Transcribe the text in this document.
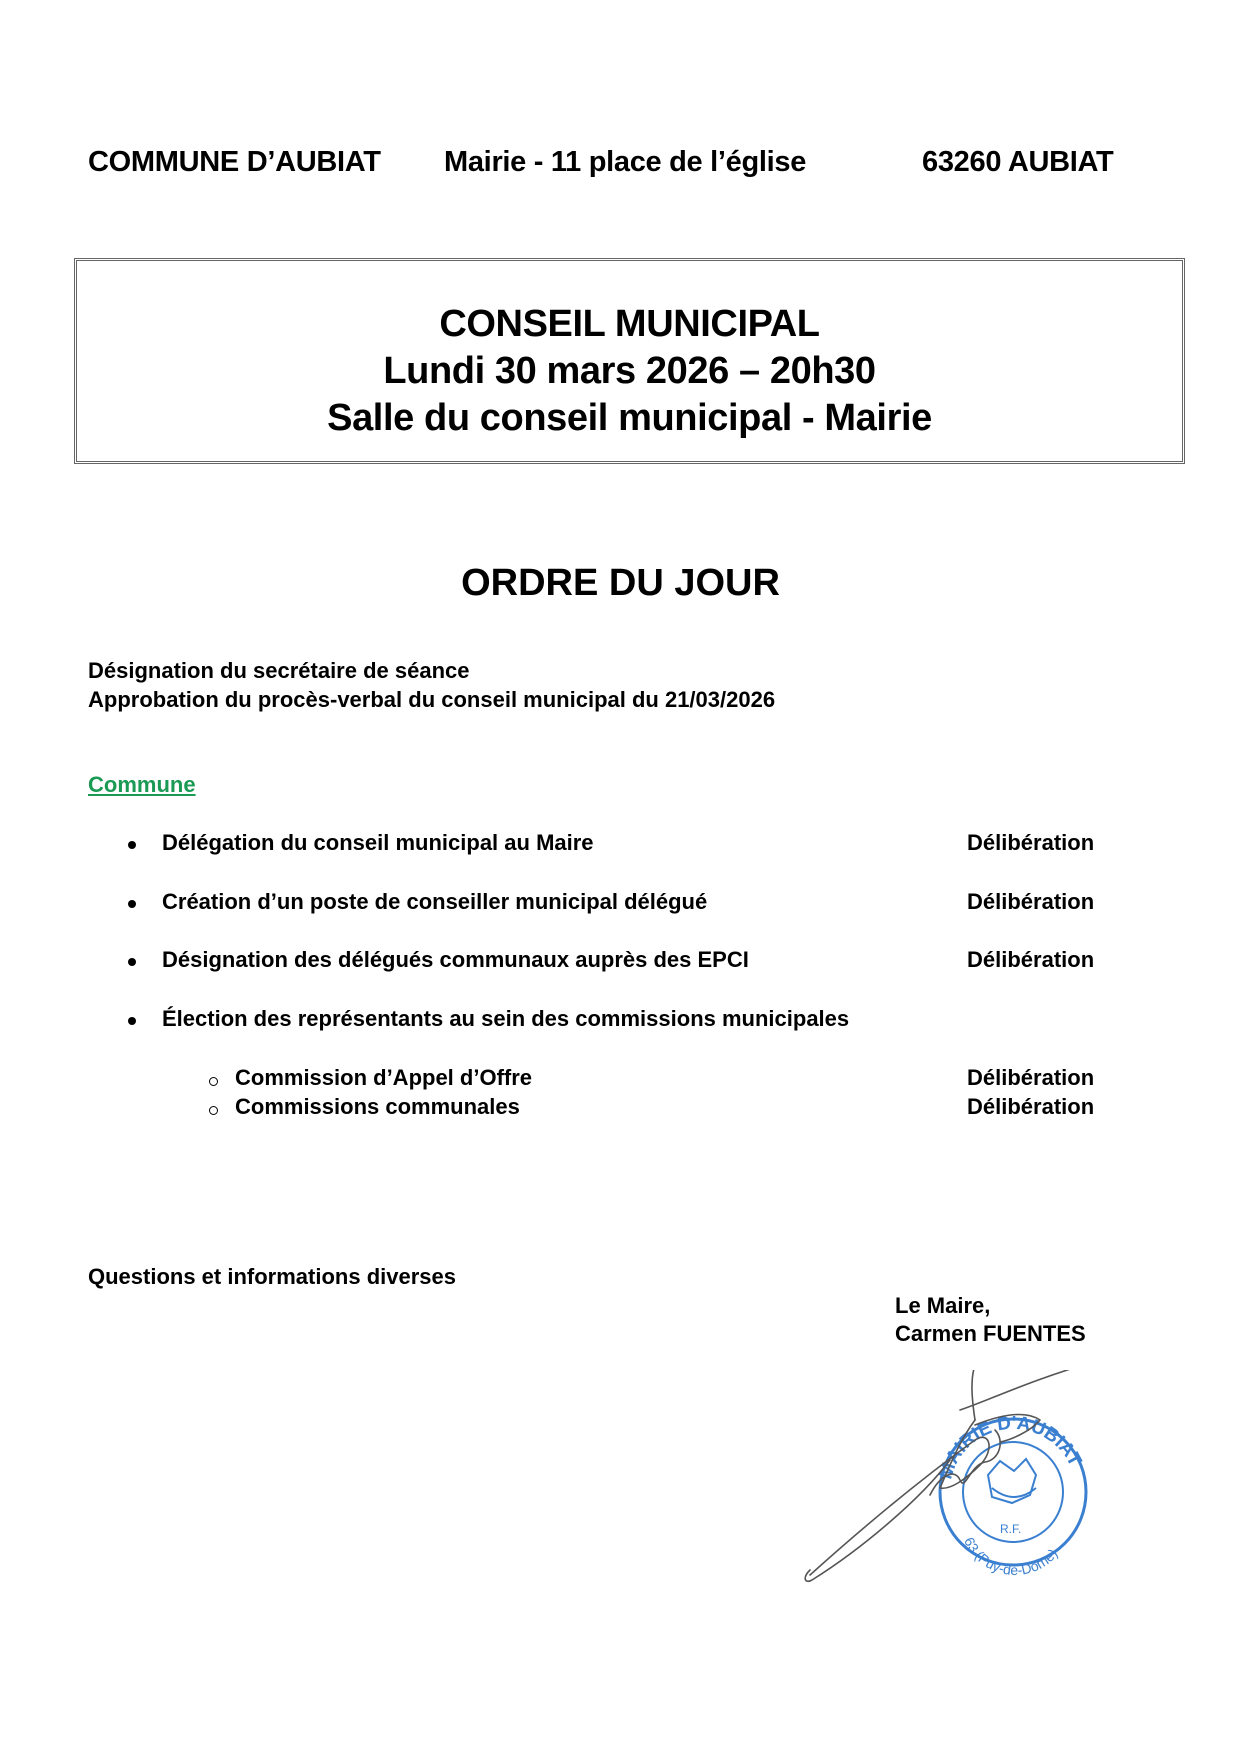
COMMUNE D’AUBIAT Mairie - 11 place de l’église	63260 AUBIAT
CONSEIL MUNICIPAL
Lundi 30 mars 2026 – 20h30
Salle du conseil municipal - Mairie
ORDRE DU JOUR
Désignation du secrétaire de séance
Approbation du procès-verbal du conseil municipal du 21/03/2026
Commune
Délégation du conseil municipal au Maire	Délibération
Création d’un poste de conseiller municipal délégué	Délibération
Désignation des délégués communaux auprès des EPCI	Délibération
Élection des représentants au sein des commissions municipales
Commission d’Appel d’Offre	Délibération
Commissions communales	Délibération
Questions et informations diverses
Le Maire,
Carmen FUENTES
MAIRIE D'AUBIAT
63 (Puy-de-Dôme)
R.F.
